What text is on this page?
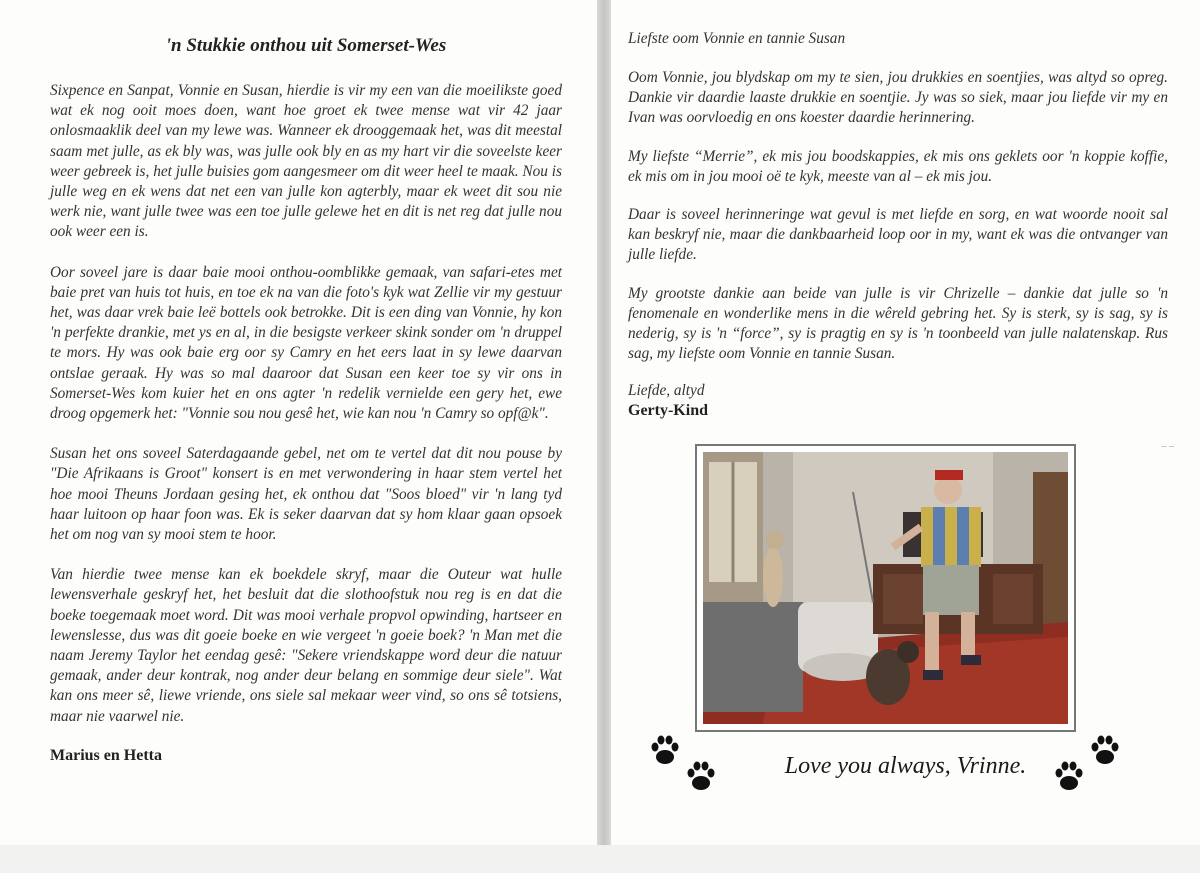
'n Stukkie onthou uit Somerset-Wes

Sixpence en Sanpat, Vonnie en Susan, hierdie is vir my een van die moeilikste goed wat ek nog ooit moes doen, want hoe groet ek twee mense wat vir 42 jaar onlosmaaklik deel van my lewe was. Wanneer ek drooggemaak het, was dit meestal saam met julle, as ek bly was, was julle ook bly en as my hart vir die soveelste keer weer gebreek is, het julle buisies gom aangesmeer om dit weer heel te maak. Nou is julle weg en ek wens dat net een van julle kon agterbly, maar ek weet dit sou nie werk nie, want julle twee was een toe julle gelewe het en dit is net reg dat julle nou ook weer een is.

Oor soveel jare is daar baie mooi onthou-oomblikke gemaak, van safari-etes met baie pret van huis tot huis, en toe ek na van die foto's kyk wat Zellie vir my gestuur het, was daar vrek baie leë bottels ook betrokke. Dit is een ding van Vonnie, hy kon 'n perfekte drankie, met ys en al, in die besigste verkeer skink sonder om 'n druppel te mors. Hy was ook baie erg oor sy Camry en het eers laat in sy lewe daarvan ontslae geraak. Hy was so mal daaroor dat Susan een keer toe sy vir ons in Somerset-Wes kom kuier het en ons agter 'n redelik vernielde een gery het, ewe droog opgemerk het: "Vonnie sou nou gesê het, wie kan nou 'n Camry so opf@k".

Susan het ons soveel Saterdagaande gebel, net om te vertel dat dit nou pouse by "Die Afrikaans is Groot" konsert is en met verwondering in haar stem vertel het hoe mooi Theuns Jordaan gesing het, ek onthou dat "Soos bloed" vir 'n lang tyd haar luitoon op haar foon was. Ek is seker daarvan dat sy hom klaar gaan opsoek het om nog van sy mooi stem te hoor.

Van hierdie twee mense kan ek boekdele skryf, maar die Outeur wat hulle lewensverhale geskryf het, het besluit dat die slothoofstuk nou reg is en dat die boeke toegemaak moet word. Dit was mooi verhale propvol opwinding, hartseer en lewenslesse, dus was dit goeie boeke en wie vergeet 'n goeie boek? 'n Man met die naam Jeremy Taylor het eendag gesê: "Sekere vriendskappe word deur die natuur gemaak, ander deur kontrak, nog ander deur belang en sommige deur siele". Wat kan ons meer sê, liewe vriende, ons siele sal mekaar weer vind, so ons sê totsiens, maar nie vaarwel nie.

Marius en Hetta

Liefste oom Vonnie en tannie Susan

Oom Vonnie, jou blydskap om my te sien, jou drukkies en soentjies, was altyd so opreg. Dankie vir daardie laaste drukkie en soentjie. Jy was so siek, maar jou liefde vir my en Ivan was oorvloedig en ons koester daardie herinnering.

My liefste “Merrie”, ek mis jou boodskappies, ek mis ons geklets oor 'n koppie koffie, ek mis om in jou mooi oë te kyk, meeste van al – ek mis jou.

Daar is soveel herinneringe wat gevul is met liefde en sorg, en wat woorde nooit sal kan beskryf nie, maar die dankbaarheid loop oor in my, want ek was die ontvanger van julle liefde.

My grootste dankie aan beide van julle is vir Chrizelle – dankie dat julle so 'n fenomenale en wonderlike mens in die wêreld gebring het. Sy is sterk, sy is sag, sy is nederig, sy is 'n “force”, sy is pragtig en sy is 'n toonbeeld van julle nalatenskap. Rus sag, my liefste oom Vonnie en tannie Susan.

Liefde, altyd

Gerty-Kind

– –
Love you always, Vrinne.
